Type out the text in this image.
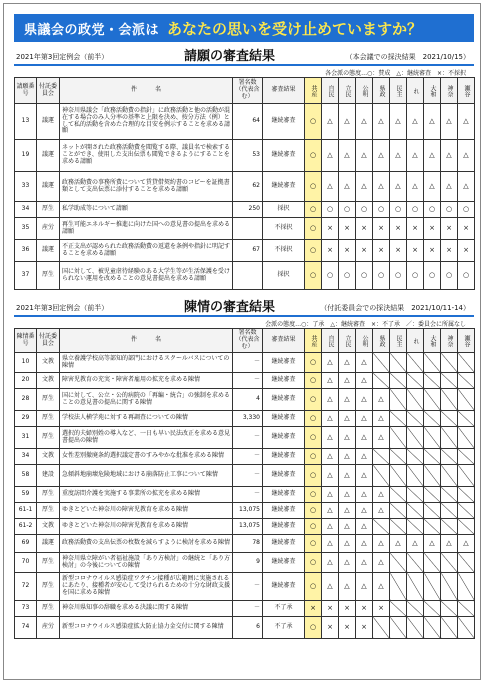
県議会の政党・会派は あなたの思いを受け止めていますか？
2021年第3回定例会（前半）	請願の審査結果	（本会議での採決結果　2021/10/15）
各会派の態度…○：賛成　△：継続審査　×：不採択
請願番号	付託委員会	件　　　名	署名数（代表含む）	審査結果	共産	自民	立民	公明	県政	民主	れ	大和	神奈	瀬谷

13	議運	神奈川県議会「政務活動費の指針」に政務活動と他の活動が混在する場合のみ人分率の基準と上限を決め、按分方法（例）として私的活動を含めた合理的な目安を例示することを求める請願	64	継続審査	○	△	△	△	△	△	△	△	△	△
19	議運	ネットが開された政務活動費を閲覧する際、議員名で検索することができ、使用した支出伝票も閲覧できるようにすることを求める請願	53	継続審査	○	△	△	△	△	△	△	△	△	△
33	議運	政務活動費の事務所費について賃貸借契約書のコピーを証拠書類として支出伝票に添付することを求める請願	62	継続審査	○	△	△	△	△	△	△	△	△	△
34	厚生	私学助成等について請願	250	採択	○	○	○	○	○	○	○	○	○	○
35	産労	再生可能エネルギー推進に向けた国への意見書の提出を求める請願		不採択	○	×	×	×	×	×	×	×	×	×
36	議運	不正支出が認められた政務活動費の返還を条例や指針に明記することを求める請願	67	不採択	○	×	×	×	×	×	×	×	×	×
37	厚生	国に対して、被児童虐待経験のある大学生等が生活保護を受けられない運用を改めることの意見書提出を求める請願		採択	○	○	○	○	○	○	○	○	○	○
2021年第3回定例会（前半）	陳情の審査結果	（付託委員会での採決結果　2021/10/11-14）
会派の態度…○：了承　△：継続審査　×：不了承　／：委員会に所属なし
陳情番号	付託委員会	件　　　名	署名数（代表含む）	審査結果	共産	自民	立民	公明	県政	民主	れ	大和	神奈	瀬谷

10	文教	県立養護学校高等部知的部門におけるスクールバスについての陳情	－	継続審査	○	△	△	△						
20	文教	障害児教育の充実・障害者雇用の拡充を求める陳情	－	継続審査	○	△	△	△						
28	厚生	国に対して、公立・公的病院の「再編・統合」の強制を求めることの意見書の提出に関する陳情	4	継続審査	○	△	△	△	△					
29	厚生	学校法人横学苑に対する再調査についての陳情	3,330	継続審査	○	△	△	△	△					
31	厚生	選択的夫婦別姓の導入など、一日も早い民法改正を求める意見書提出の陳情	－	継続審査	○	△	△	△	△					
34	文教	女性差別撤廃条約選択議定書のすみやかな批准を求める陳情	－	継続審査	○	△	△	△						
58	建設	急傾斜地崩壊危険地域における崩落防止工事について陳情	－	継続審査	○	△	△	△						
59	厚生	重度訪問介護を実施する事業所の拡充を求める陳情	－	継続審査	○	△	△	△	△					
61-1	厚生	ゆきとどいた神奈川の障害児教育を求める陳情	13,075	継続審査	○	△	△	△	△					
61-2	文教	ゆきとどいた神奈川の障害児教育を求める陳情	13,075	継続審査	○	△	△	△						
69	議運	政務活動費の支出伝票の枚数を減らすように検討を求める陳情	78	継続審査	○	△	△	△	△	△	△	△	△	△
70	厚生	神奈川県立障がい者福祉施設「あり方検討」の継続と「あり方検討」の今後についての陳情	9	継続審査	○	△	△	△	△					
72	厚生	新型コロナウイルス感染症ワクチン接種が広範囲に実施されるにあたり、接種者が安心して受けられるための十分な財政支援を国に求める陳情	－	継続審査	○	△	△	△	△					
73	厚生	神奈川県知事の辞職を求める決議に関する陳情	－	不了承	×	×	×	×	×					
74	産労	新型コロナウイルス感染症拡大防止協力金交付に関する陳情	6	不了承	○	×	×	×						
